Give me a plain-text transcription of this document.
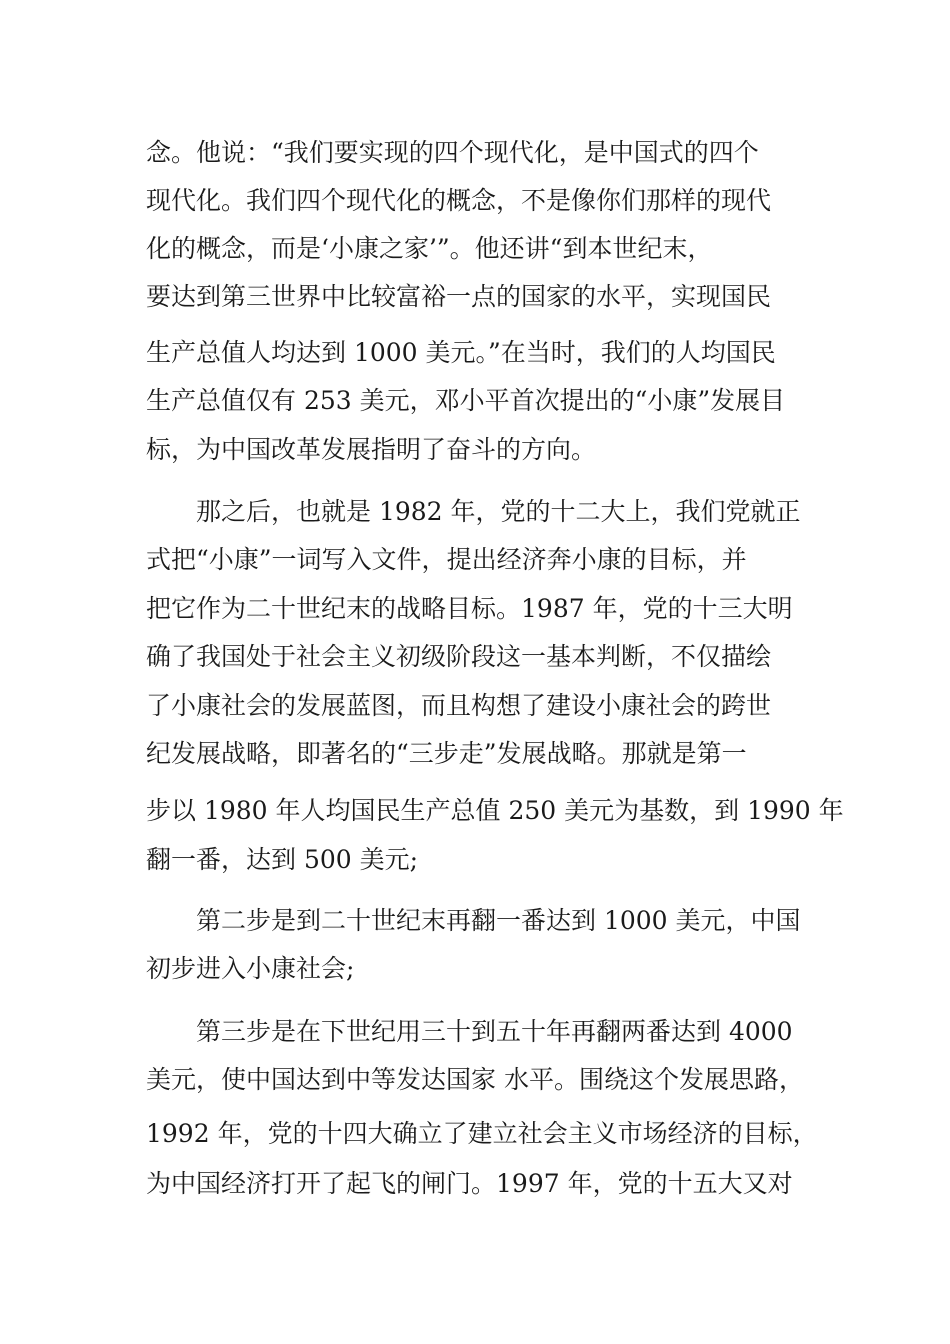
念。他说：“我们要实现的四个现代化，是中国式的四个
现代化。我们四个现代化的概念，不是像你们那样的现代
化的概念，而是‘小康之家’”。他还讲“到本世纪末，
要达到第三世界中比较富裕一点的国家的水平，实现国民
生产总值人均达到 1000 美元。”在当时，我们的人均国民
生产总值仅有 253 美元，邓小平首次提出的“小康”发展目
标，为中国改革发展指明了奋斗的方向。
那之后，也就是 1982 年，党的十二大上，我们党就正
式把“小康”一词写入文件，提出经济奔小康的目标，并
把它作为二十世纪末的战略目标。1987 年，党的十三大明
确了我国处于社会主义初级阶段这一基本判断，不仅描绘
了小康社会的发展蓝图，而且构想了建设小康社会的跨世
纪发展战略，即著名的“三步走”发展战略。那就是第一
步以 1980 年人均国民生产总值 250 美元为基数，到 1990 年
翻一番，达到 500 美元;
第二步是到二十世纪末再翻一番达到 1000 美元，中国
初步进入小康社会;
第三步是在下世纪用三十到五十年再翻两番达到 4000
美元，使中国达到中等发达国家 水平。围绕这个发展思路，
1992 年，党的十四大确立了建立社会主义市场经济的目标，
为中国经济打开了起飞的闸门。1997 年，党的十五大又对
